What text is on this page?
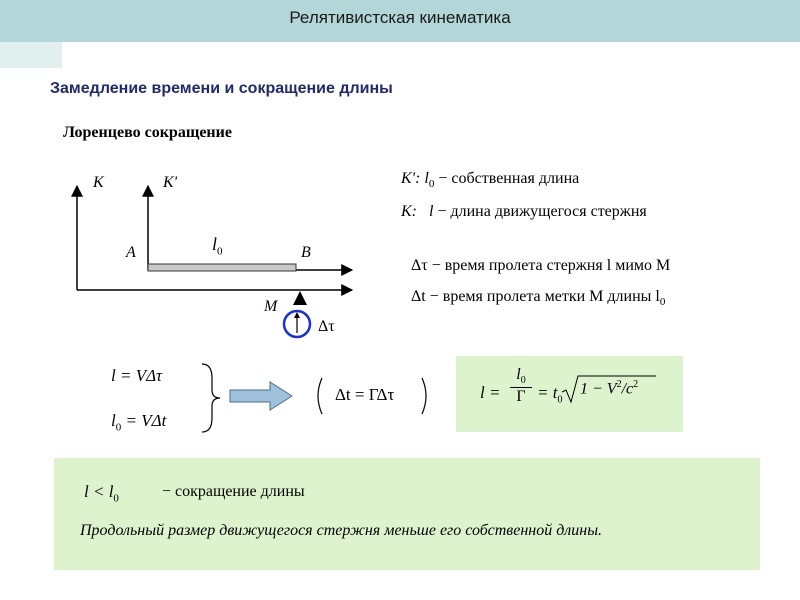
Релятивистская кинематика
Замедление времени и сокращение длины
Лоренцево сокращение
K	K'
A	B
$l_0$
M
Δτ
K': $l_0$ − собственная длина
K: l − длина движущегося стержня
Δτ − время пролета стержня l мимо M
Δt − время пролета метки M длины $l_0$
l = VΔτ
$l_0 = V\Delta t$
Δt = ΓΔτ	l =
$l_0$
$\Gamma = t_0$
$1 - V^2/c^2$
$l < l_0$	− сокращение длины
Продольный размер движущегося стержня меньше его собственной длины.
